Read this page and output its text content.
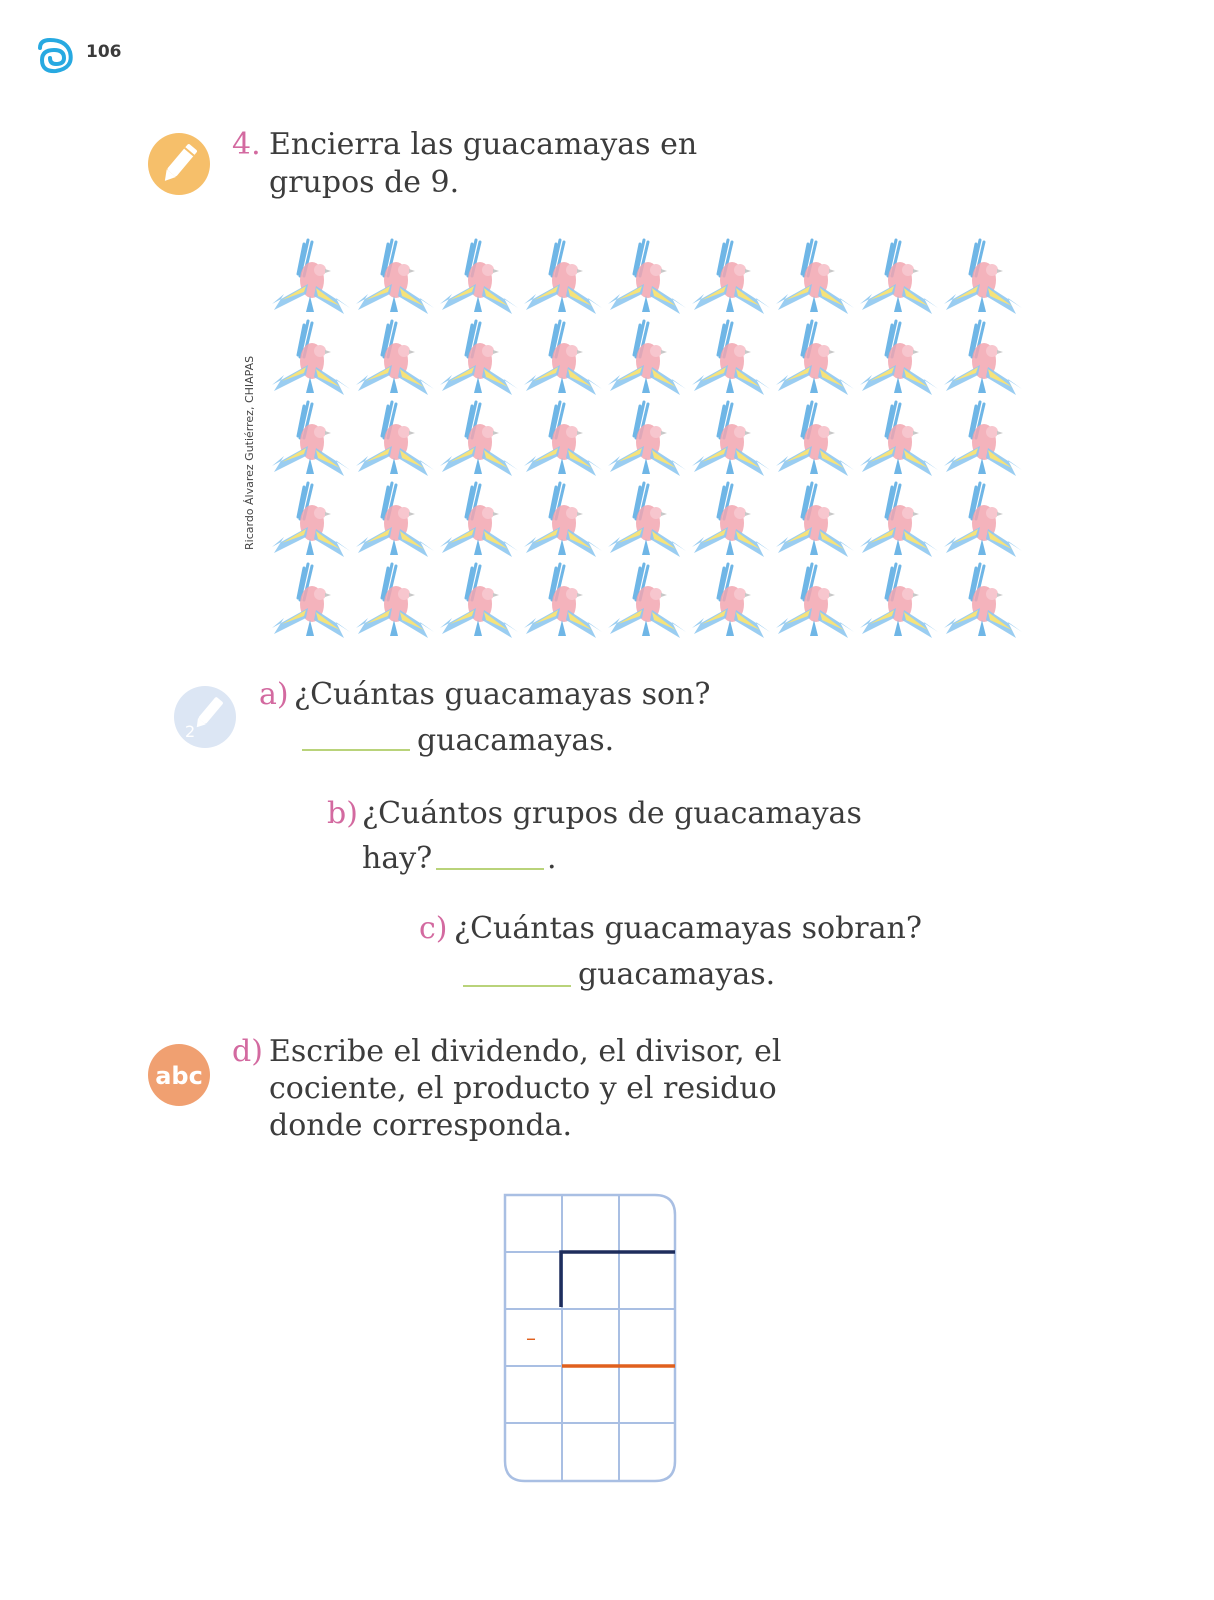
106
4. Encierra las guacamayas en
grupos de 9.
Ricardo Álvarez Gutiérrez, CHIAPAS
2
a) ¿Cuántas guacamayas son?
guacamayas.
b) ¿Cuántos grupos de guacamayas
hay?	.
c) ¿Cuántas guacamayas sobran?
guacamayas.
abc
d) Escribe el dividendo, el divisor, el
cociente, el producto y el residuo
donde corresponda.
–
